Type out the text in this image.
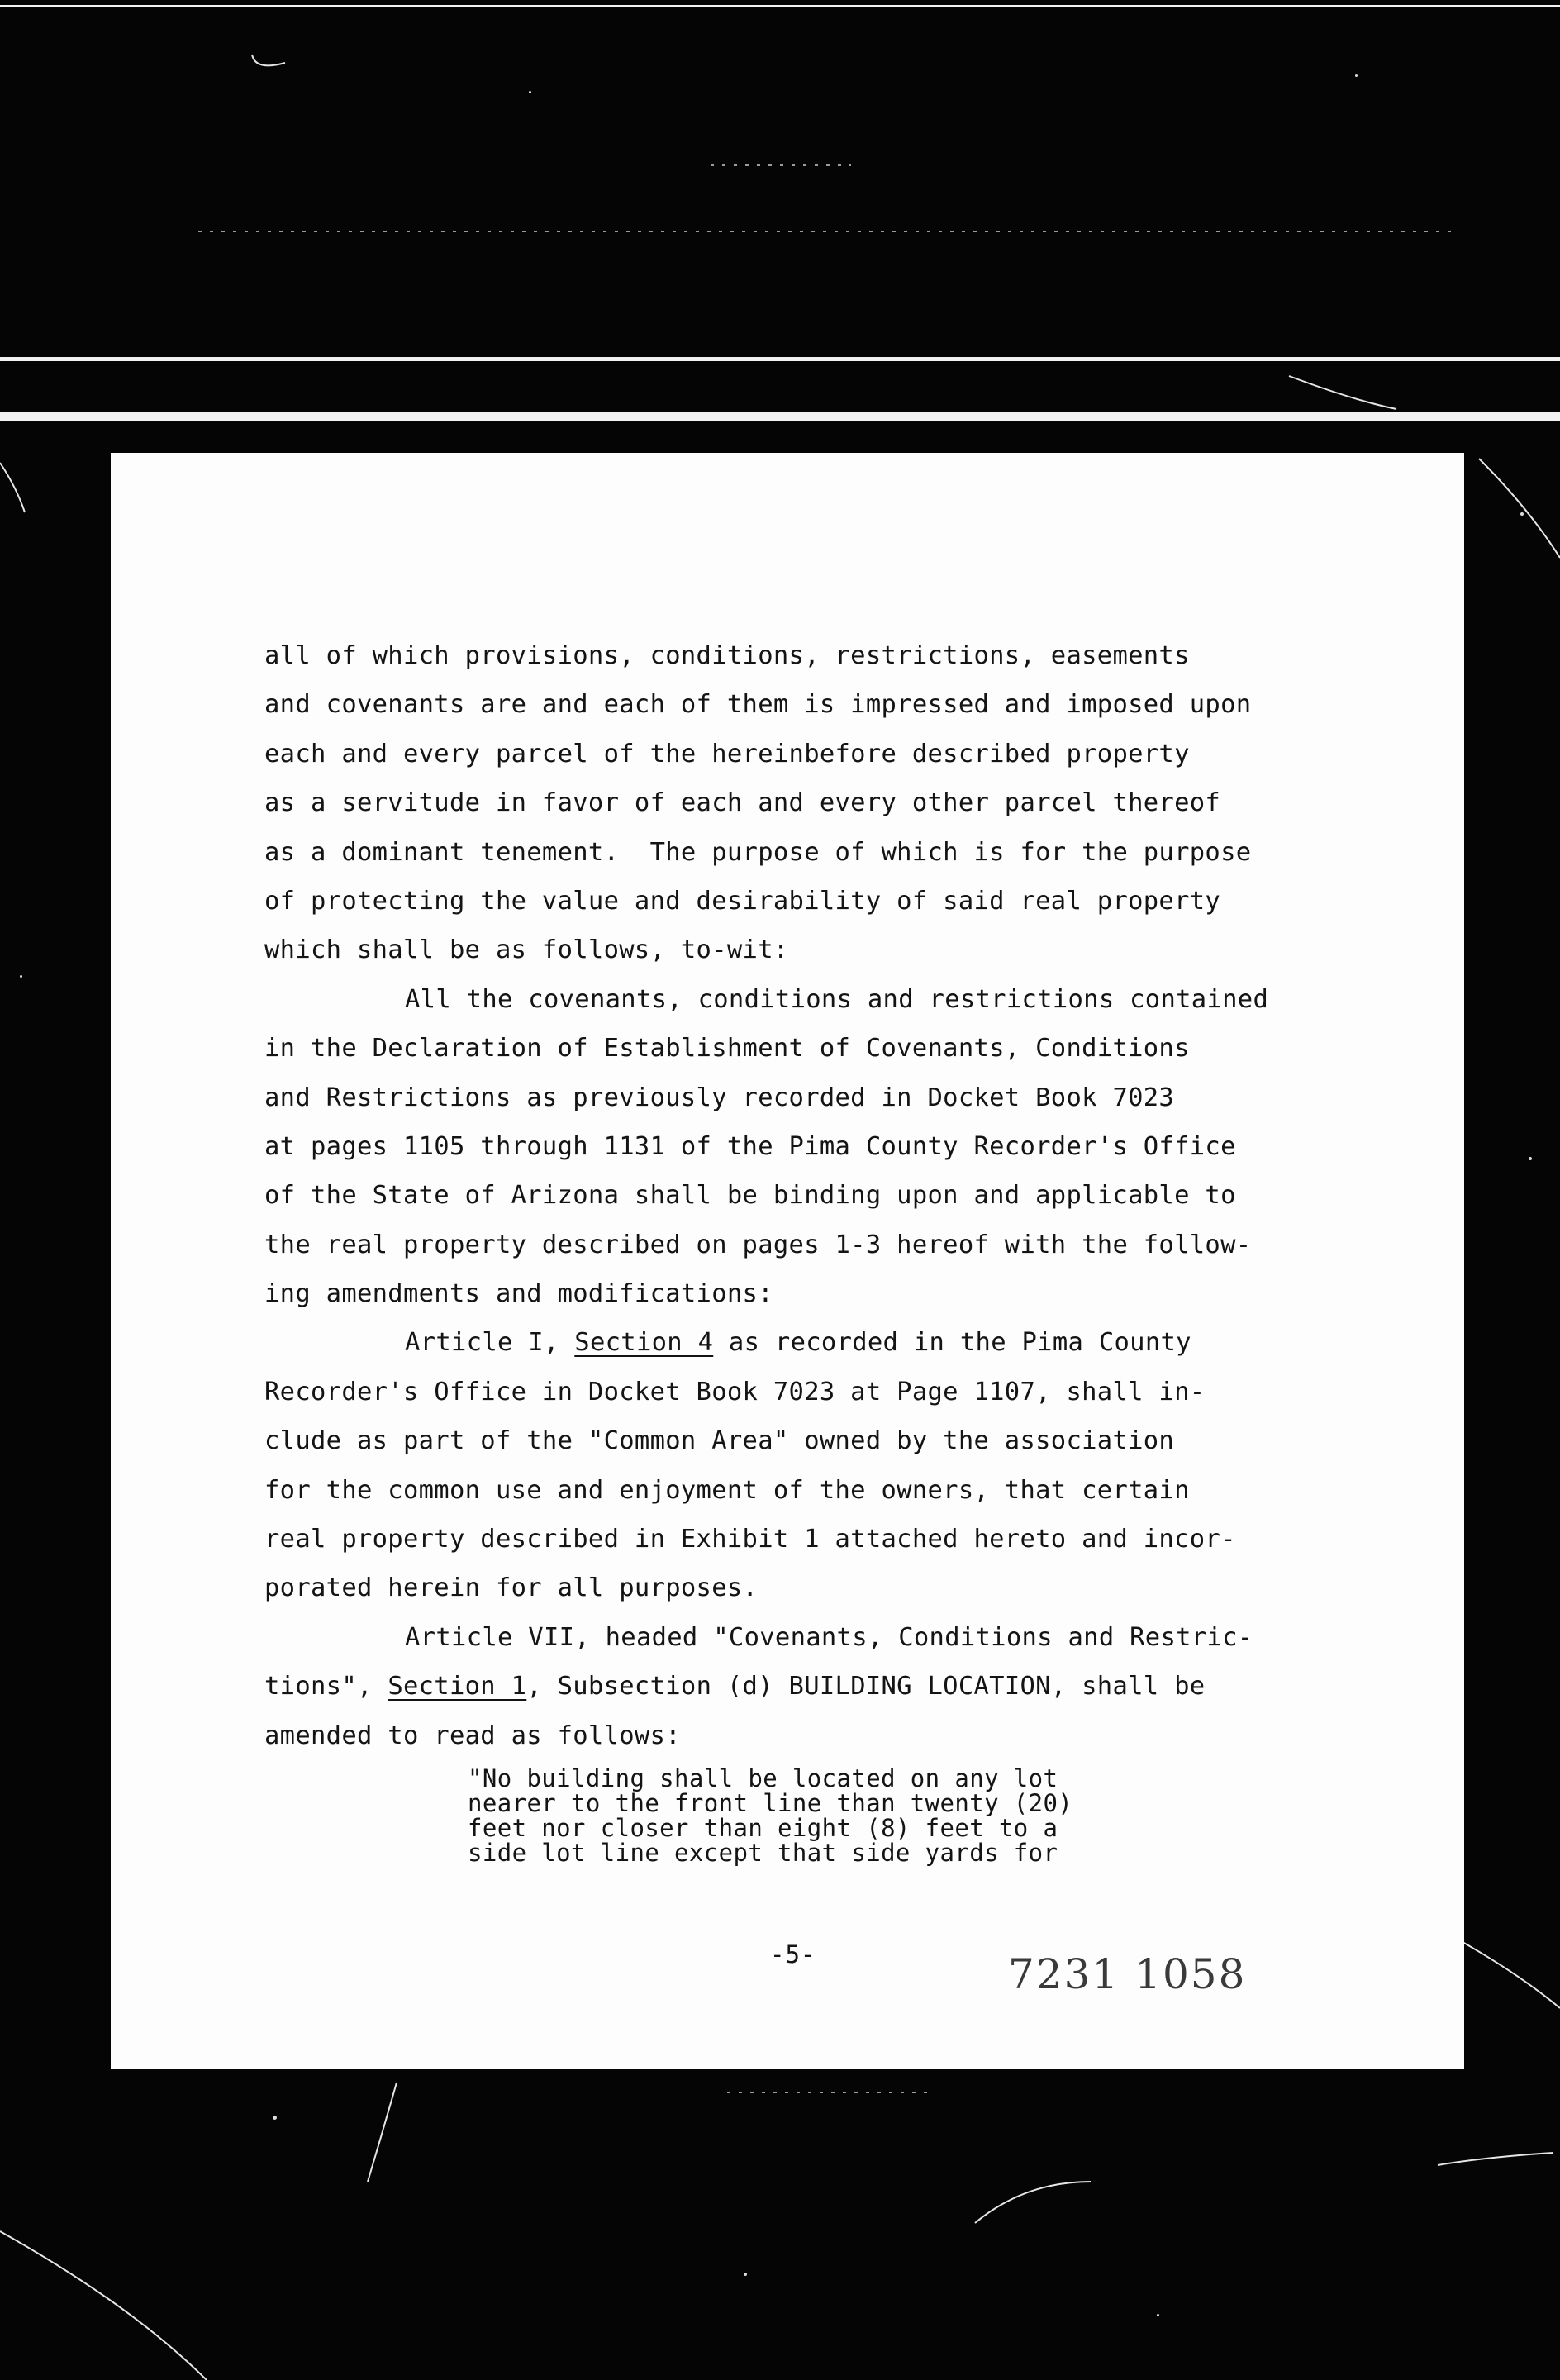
all of which provisions, conditions, restrictions, easements
and covenants are and each of them is impressed and imposed upon
each and every parcel of the hereinbefore described property
as a servitude in favor of each and every other parcel thereof
as a dominant tenement.  The purpose of which is for the purpose
of protecting the value and desirability of said real property
which shall be as follows, to-wit:
All the covenants, conditions and restrictions contained
in the Declaration of Establishment of Covenants, Conditions
and Restrictions as previously recorded in Docket Book 7023
at pages 1105 through 1131 of the Pima County Recorder's Office
of the State of Arizona shall be binding upon and applicable to
the real property described on pages 1-3 hereof with the follow-
ing amendments and modifications:
Article I, Section 4 as recorded in the Pima County
Recorder's Office in Docket Book 7023 at Page 1107, shall in-
clude as part of the "Common Area" owned by the association
for the common use and enjoyment of the owners, that certain
real property described in Exhibit 1 attached hereto and incor-
porated herein for all purposes.
Article VII, headed "Covenants, Conditions and Restric-
tions", Section 1, Subsection (d) BUILDING LOCATION, shall be
amended to read as follows:
"No building shall be located on any lot
nearer to the front line than twenty (20)
feet nor closer than eight (8) feet to a
side lot line except that side yards for
-5-	7231 1058
